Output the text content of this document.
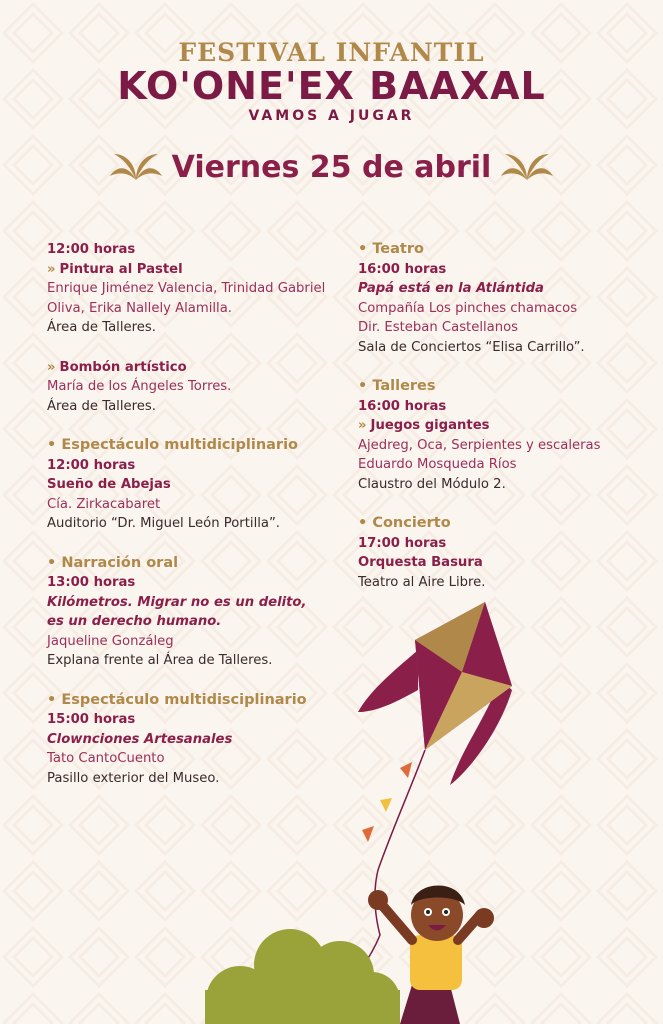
FESTIVAL INFANTIL
KO'ONE'EX BAAXAL
VAMOS A JUGAR
Viernes 25 de abril
12:00 horas
» Pintura al Pastel
Enrique Jiménez Valencia, Trinidad Gabriel Oliva, Erika Nallely Alamilla.
Área de Talleres.
» Bombón artístico
María de los Ángeles Torres.
Área de Talleres.
• Espectáculo multidiciplinario
12:00 horas
Sueño de Abejas
Cía. Zirkacabaret
Auditorio “Dr. Miguel León Portilla”.
• Narración oral
13:00 horas
Kilómetros. Migrar no es un delito,
es un derecho humano.
Jaqueline Gonzáleg
Explana frente al Área de Talleres.
• Espectáculo multidisciplinario
15:00 horas
Clownciones Artesanales
Tato CantoCuento
Pasillo exterior del Museo.
• Teatro
16:00 horas
Papá está en la Atlántida
Compañía Los pinches chamacos
Dir. Esteban Castellanos
Sala de Conciertos “Elisa Carrillo”.
• Talleres
16:00 horas
» Juegos gigantes
Ajedreg, Oca, Serpientes y escaleras
Eduardo Mosqueda Ríos
Claustro del Módulo 2.
• Concierto
17:00 horas
Orquesta Basura
Teatro al Aire Libre.
